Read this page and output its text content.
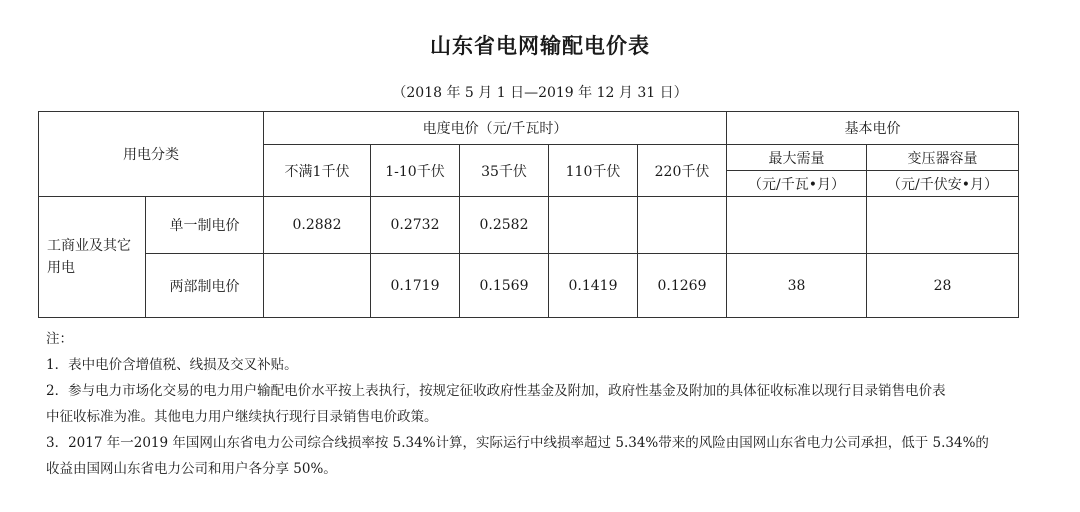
山东省电网输配电价表
（2018 年 5 月 1 日—2019 年 12 月 31 日）
用电分类		电度电价（元/千瓦时）					基本电价	
		不满1千伏	1-10千伏	35千伏	110千伏	220千伏	最大需量	变压器容量
							（元/千瓦•月）	（元/千伏安•月）
工商业及其它
用电	单一制电价	0.2882	0.2732	0.2582				
	两部制电价		0.1719	0.1569	0.1419	0.1269	38	28

注：

1．表中电价含增值税、线损及交叉补贴。

2．参与电力市场化交易的电力用户输配电价水平按上表执行，按规定征收政府性基金及附加，政府性基金及附加的具体征收标准以现行目录销售电价表

中征收标准为准。其他电力用户继续执行现行目录销售电价政策。

3．2017 年一2019 年国网山东省电力公司综合线损率按 5.34%计算，实际运行中线损率超过 5.34%带来的风险由国网山东省电力公司承担，低于 5.34%的

收益由国网山东省电力公司和用户各分享 50%。
